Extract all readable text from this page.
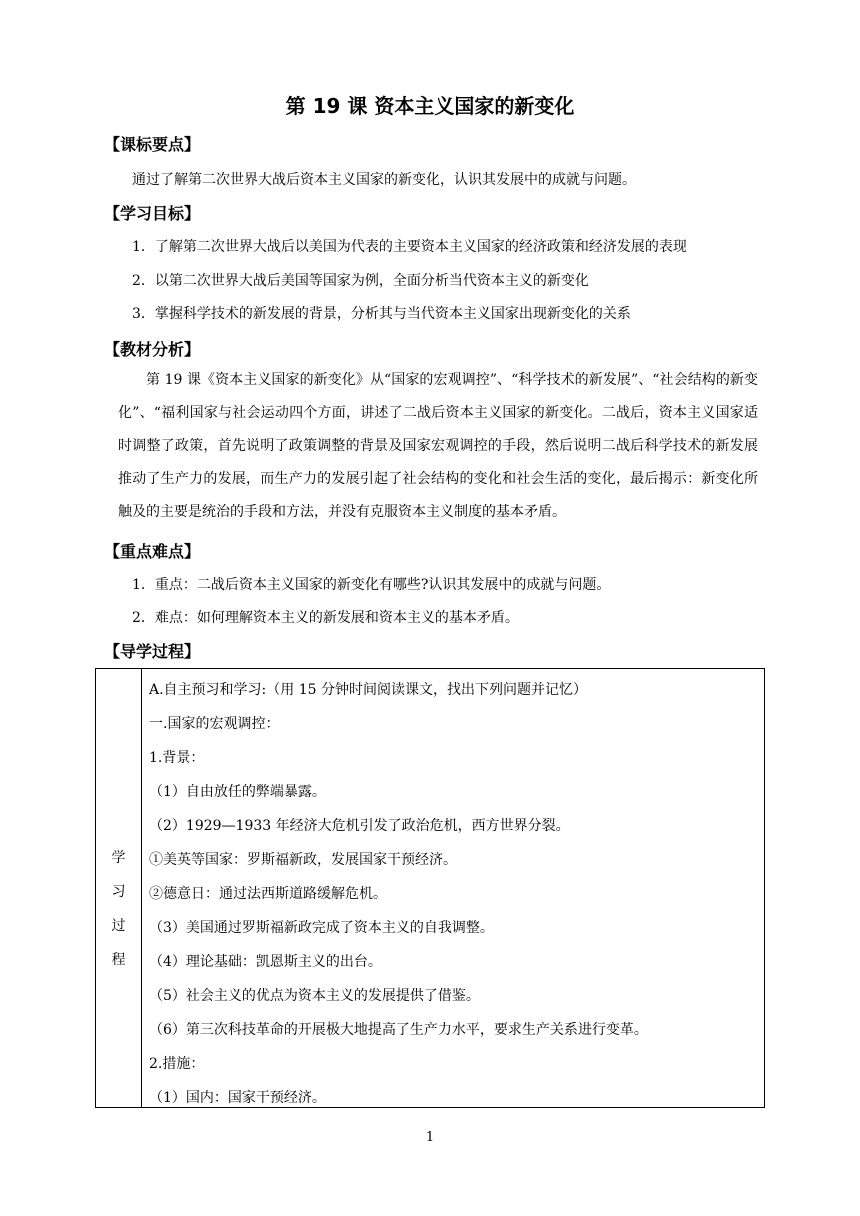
第 19 课 资本主义国家的新变化
【课标要点】
通过了解第二次世界大战后资本主义国家的新变化，认识其发展中的成就与问题。
【学习目标】
1．了解第二次世界大战后以美国为代表的主要资本主义国家的经济政策和经济发展的表现
2．以第二次世界大战后美国等国家为例，全面分析当代资本主义的新变化
3．掌握科学技术的新发展的背景，分析其与当代资本主义国家出现新变化的关系
【教材分析】
第 19 课《资本主义国家的新变化》从“国家的宏观调控”、“科学技术的新发展”、“社会结构的新变化”、“福利国家与社会运动四个方面，讲述了二战后资本主义国家的新变化。二战后，资本主义国家适时调整了政策，首先说明了政策调整的背景及国家宏观调控的手段，然后说明二战后科学技术的新发展推动了生产力的发展，而生产力的发展引起了社会结构的变化和社会生活的变化，最后揭示：新变化所触及的主要是统治的手段和方法，并没有克服资本主义制度的基本矛盾。
【重点难点】
1．重点：二战后资本主义国家的新变化有哪些?认识其发展中的成就与问题。
2．难点：如何理解资本主义的新发展和资本主义的基本矛盾。
【导学过程】
学
习
过
程
A.自主预习和学习:（用 15 分钟时间阅读课文，找出下列问题并记忆）
一.国家的宏观调控：
1.背景：
（1）自由放任的弊端暴露。
（2）1929—1933 年经济大危机引发了政治危机，西方世界分裂。
①美英等国家：罗斯福新政，发展国家干预经济。
②德意日：通过法西斯道路缓解危机。
（3）美国通过罗斯福新政完成了资本主义的自我调整。
（4）理论基础：凯恩斯主义的出台。
（5）社会主义的优点为资本主义的发展提供了借鉴。
（6）第三次科技革命的开展极大地提高了生产力水平，要求生产关系进行变革。
2.措施：
（1）国内：国家干预经济。
1
